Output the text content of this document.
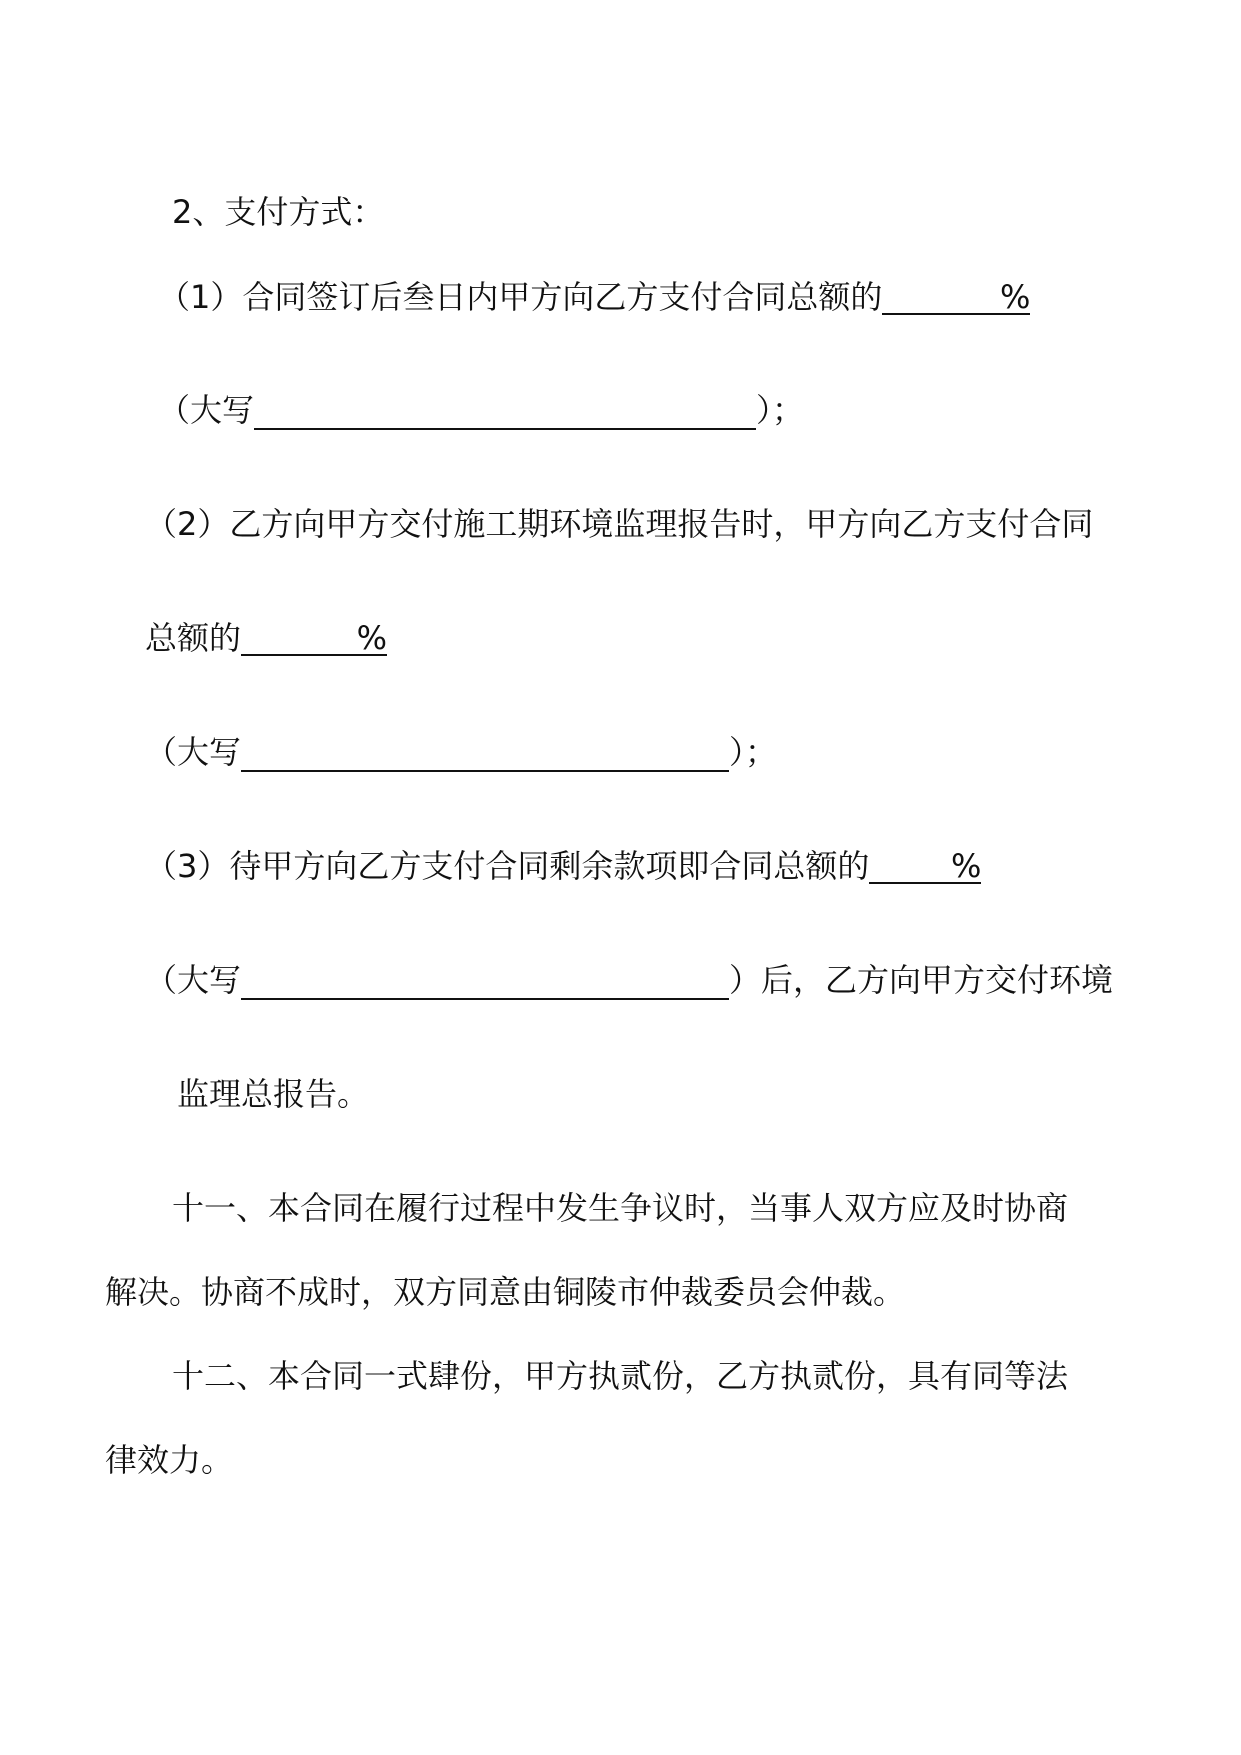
2、支付方式：
（1）合同签订后叁日内甲方向乙方支付合同总额的	%
（大写	）；
（2）乙方向甲方交付施工期环境监理报告时，甲方向乙方支付合同
总额的	%
（大写	）；
（3）待甲方向乙方支付合同剩余款项即合同总额的	%
（大写	）后，乙方向甲方交付环境
监理总报告。
十一、本合同在履行过程中发生争议时，当事人双方应及时协商
解决。协商不成时，双方同意由铜陵市仲裁委员会仲裁。
十二、本合同一式肆份，甲方执贰份，乙方执贰份，具有同等法
律效力。
